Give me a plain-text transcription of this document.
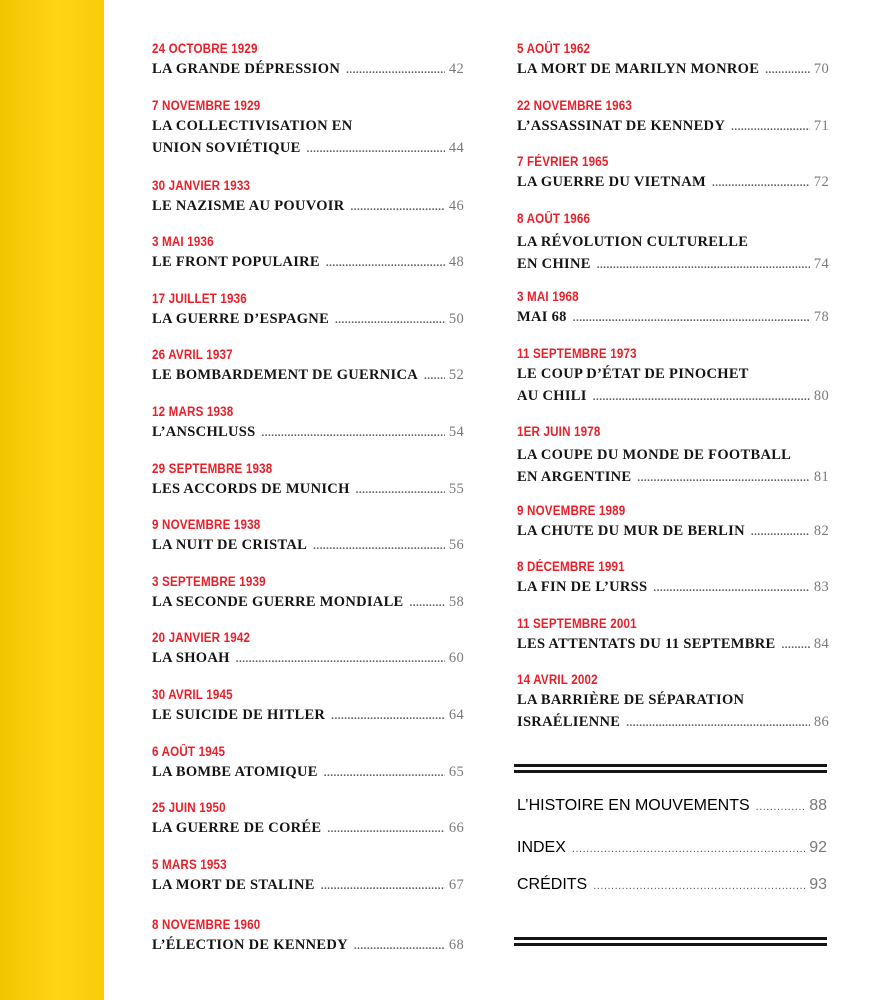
24 OCTOBRE 1929
LA GRANDE DÉPRESSION .....	42
7 NOVEMBRE 1929
LA COLLECTIVISATION EN
UNION SOVIÉTIQUE .....	44
30 JANVIER 1933
LE NAZISME AU POUVOIR .....	46
3 MAI 1936
LE FRONT POPULAIRE .....	48
17 JUILLET 1936
LA GUERRE D’ESPAGNE .....	50
26 AVRIL 1937
LE BOMBARDEMENT DE GUERNICA ..... 52
12 MARS 1938
L’ANSCHLUSS .....	54
29 SEPTEMBRE 1938
LES ACCORDS DE MUNICH .....	55
9 NOVEMBRE 1938
LA NUIT DE CRISTAL .....	56
3 SEPTEMBRE 1939
LA SECONDE GUERRE MONDIALE .....	58
20 JANVIER 1942
LA SHOAH .....	60
30 AVRIL 1945
LE SUICIDE DE HITLER .....	64
6 AOÛT 1945
LA BOMBE ATOMIQUE .....	65
25 JUIN 1950
LA GUERRE DE CORÉE .....	66
5 MARS 1953
LA MORT DE STALINE .....	67
8 NOVEMBRE 1960
L’ÉLECTION DE KENNEDY .....	68
5 AOÛT 1962
LA MORT DE MARILYN MONROE .....	70
22 NOVEMBRE 1963
L’ASSASSINAT DE KENNEDY .....	71
7 FÉVRIER 1965
LA GUERRE DU VIETNAM .....	72
8 AOÛT 1966
LA RÉVOLUTION CULTURELLE
EN CHINE .....	74
3 MAI 1968
MAI 68 .....	78
11 SEPTEMBRE 1973
LE COUP D’ÉTAT DE PINOCHET
AU CHILI .....	80
1ER JUIN 1978
LA COUPE DU MONDE DE FOOTBALL
EN ARGENTINE .....	81
9 NOVEMBRE 1989
LA CHUTE DU MUR DE BERLIN .....	82
8 DÉCEMBRE 1991
LA FIN DE L’URSS .....	83
11 SEPTEMBRE 2001
LES ATTENTATS DU 11 SEPTEMBRE .....	84
14 AVRIL 2002
LA BARRIÈRE DE SÉPARATION
ISRAÉLIENNE .....	86
L’HISTOIRE EN MOUVEMENTS .....	88
INDEX .....	92
CRÉDITS .....	93
